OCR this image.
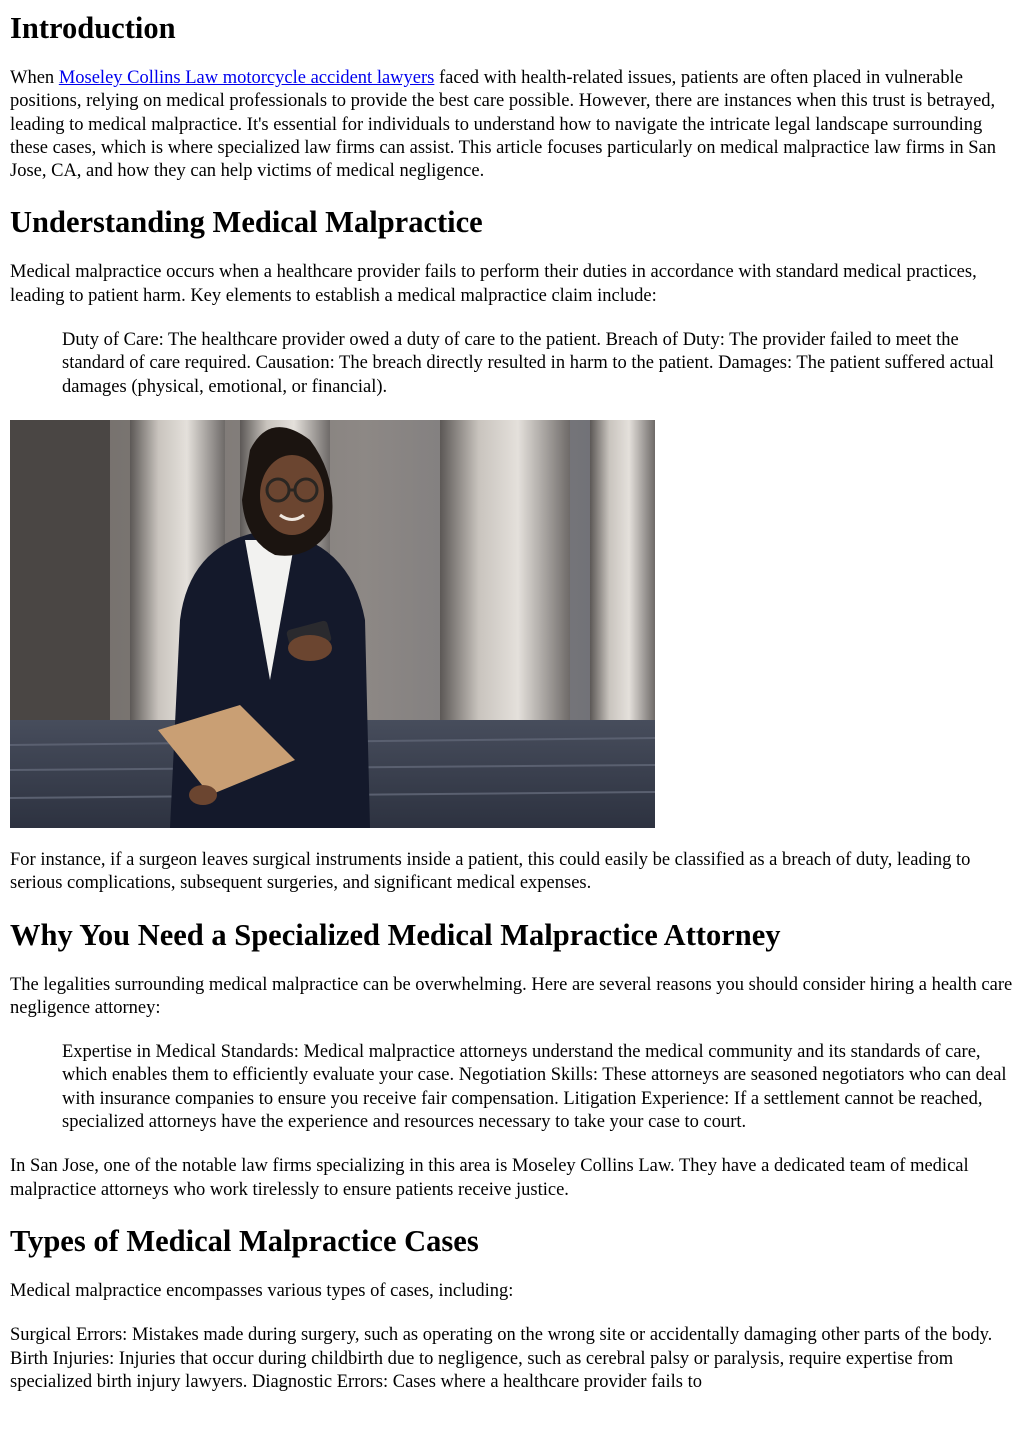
Introduction

When Moseley Collins Law motorcycle accident lawyers faced with health-related issues, patients are often placed in vulnerable positions, relying on medical professionals to provide the best care possible. However, there are instances when this trust is betrayed, leading to medical malpractice. It's essential for individuals to understand how to navigate the intricate legal landscape surrounding these cases, which is where specialized law firms can assist. This article focuses particularly on medical malpractice law firms in San Jose, CA, and how they can help victims of medical negligence.

Understanding Medical Malpractice

Medical malpractice occurs when a healthcare provider fails to perform their duties in accordance with standard medical practices, leading to patient harm. Key elements to establish a medical malpractice claim include:

Duty of Care: The healthcare provider owed a duty of care to the patient. Breach of Duty: The provider failed to meet the standard of care required. Causation: The breach directly resulted in harm to the patient. Damages: The patient suffered actual damages (physical, emotional, or financial).

For instance, if a surgeon leaves surgical instruments inside a patient, this could easily be classified as a breach of duty, leading to serious complications, subsequent surgeries, and significant medical expenses.

Why You Need a Specialized Medical Malpractice Attorney

The legalities surrounding medical malpractice can be overwhelming. Here are several reasons you should consider hiring a health care negligence attorney:

Expertise in Medical Standards: Medical malpractice attorneys understand the medical community and its standards of care, which enables them to efficiently evaluate your case. Negotiation Skills: These attorneys are seasoned negotiators who can deal with insurance companies to ensure you receive fair compensation. Litigation Experience: If a settlement cannot be reached, specialized attorneys have the experience and resources necessary to take your case to court.

In San Jose, one of the notable law firms specializing in this area is Moseley Collins Law. They have a dedicated team of medical malpractice attorneys who work tirelessly to ensure patients receive justice.

Types of Medical Malpractice Cases

Medical malpractice encompasses various types of cases, including:

Surgical Errors: Mistakes made during surgery, such as operating on the wrong site or accidentally damaging other parts of the body. Birth Injuries: Injuries that occur during childbirth due to negligence, such as cerebral palsy or paralysis, require expertise from specialized birth injury lawyers. Diagnostic Errors: Cases where a healthcare provider fails to
